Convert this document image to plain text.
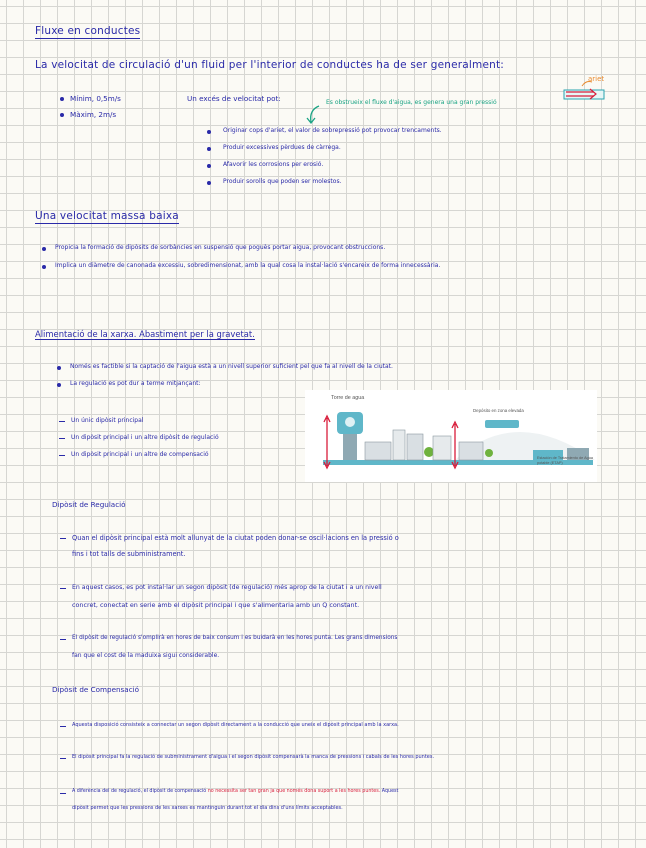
Fluxe en conductes
La velocitat de circulació d'un fluid per l'interior de conductes ha de ser generalment:
Mínim, 0,5m/s
Màxim, 2m/s
Un excés de velocitat pot:	Es obstrueix el fluxe d'aigua, es genera una gran pressió
ariet
Originar cops d'ariet, el valor de sobrepressió pot provocar trencaments.
Produir excessives pèrdues de càrrega.
Afavorir les corrosions per erosió.
Produir sorolls que poden ser molestos.
Una velocitat massa baixa
Propicia la formació de dipòsits de sorbàncies en suspensió que poguès portar aigua, provocant obstruccions.
Implica un diàmetre de canonada excessiu, sobredimensionat, amb la qual cosa la instal·lació s'encareix de forma innecessària.
Alimentació de la xarxa. Abastiment per la gravetat.
Només es factible si la captació de l'aigua està a un nivell superior suficient pel que fa al nivell de la ciutat.
La regulació es pot dur a terme mitjançant:
Un únic dipòsit principal
Un dipòsit principal i un altre dipòsit de regulació
Un dipòsit principal i un altre de compensació
Torre de agua
Depósito en zona elevada
Estación de Tratamiento de Agua potable (ETAP)
Dipòsit de Regulació
Quan el dipòsit principal està molt allunyat de la ciutat poden donar-se oscil·lacions en la pressió o
fins i tot talls de subministrament.
En aquest casos, es pot instal·lar un segon dipòsit (de regulació) més aprop de la ciutat i a un nivell
concret, conectat en serie amb el dipòsit principal i que s'alimentaria amb un Q constant.
El dipòsit de regulació s'omplirà en hores de baix consum i es buidarà en les hores punta. Les grans dimensions
fan que el cost de la maduixa sigui considerable.
Dipòsit de Compensació
Aquesta disposició consisteix a connectar un segon dipòsit directament a la conducció que uneix el dipòsit principal amb la xarxa.
El dipòsit principal fa la regulació de subministrament d'aigua i el segon dipòsit compensarà la manca de pressions i cabals de les hores puntes.
A diferència del de regulació, el dipòsit de compensació no necessita ser tan gran ja que només dona suport a les hores puntes. Aquest
dipòsit permet que les pressions de les xarxes es mantinguin durant tot el dia dins d'uns límits acceptables.
